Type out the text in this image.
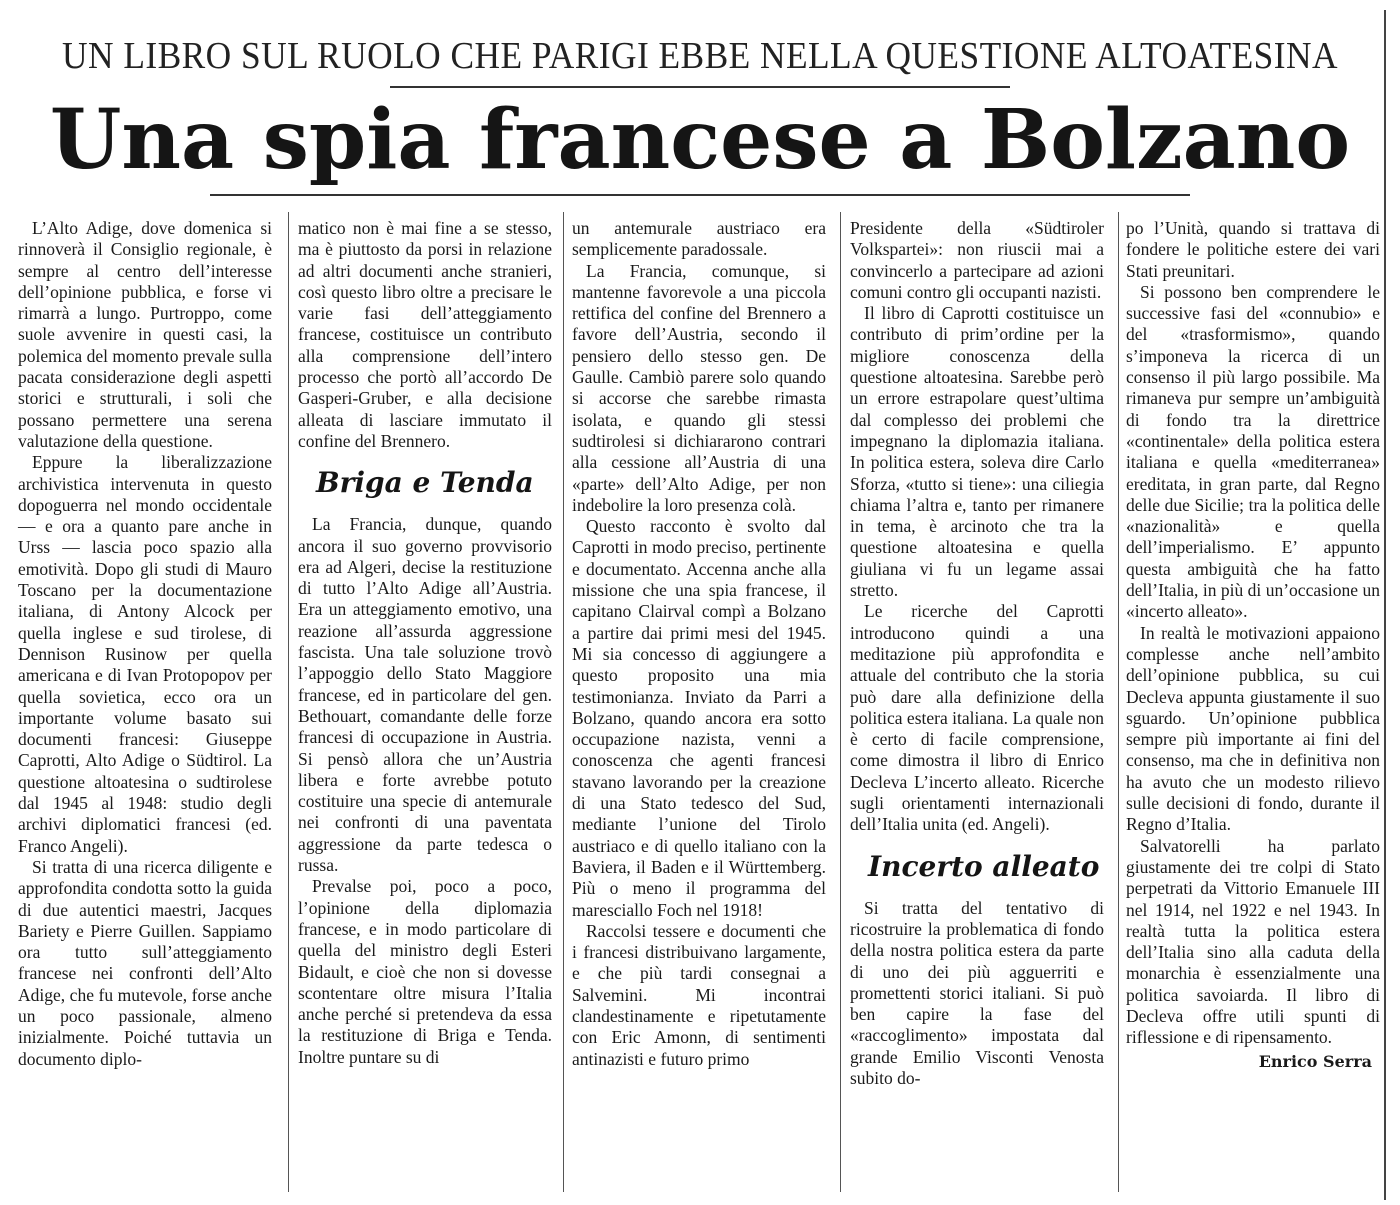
UN LIBRO SUL RUOLO CHE PARIGI EBBE NELLA QUESTIONE ALTOATESINA
Una spia francese a Bolzano

L’Alto Adige, dove domenica si rinnoverà il Consiglio regionale, è sempre al centro dell’interesse dell’opinione pubblica, e forse vi rimarrà a lungo. Purtroppo, come suole avvenire in questi casi, la polemica del momento prevale sulla pacata considerazione degli aspetti storici e strutturali, i soli che possano permettere una serena valutazione della questione.

Eppure la liberalizzazione archivistica intervenuta in questo dopoguerra nel mondo occidentale — e ora a quanto pare anche in Urss — lascia poco spazio alla emotività. Dopo gli studi di Mauro Toscano per la documentazione italiana, di Antony Alcock per quella inglese e sud tirolese, di Dennison Rusinow per quella americana e di Ivan Protopopov per quella sovietica, ecco ora un importante volume basato sui documenti francesi: Giuseppe Caprotti, Alto Adige o Südtirol. La questione altoatesina o sudtirolese dal 1945 al 1948: studio degli archivi diplomatici francesi (ed. Franco Angeli).

Si tratta di una ricerca diligente e approfondita condotta sotto la guida di due autentici maestri, Jacques Bariety e Pierre Guillen. Sappiamo ora tutto sull’atteggiamento francese nei confronti dell’Alto Adige, che fu mutevole, forse anche un poco passionale, almeno inizialmente. Poiché tuttavia un documento diplo-

matico non è mai fine a se stesso, ma è piuttosto da porsi in relazione ad altri documenti anche stranieri, così questo libro oltre a precisare le varie fasi dell’atteggiamento francese, costituisce un contributo alla comprensione dell’intero processo che portò all’accordo De Gasperi-Gruber, e alla decisione alleata di lasciare immutato il confine del Brennero.

Briga e Tenda

La Francia, dunque, quando ancora il suo governo provvisorio era ad Algeri, decise la restituzione di tutto l’Alto Adige all’Austria. Era un atteggiamento emotivo, una reazione all’assurda aggressione fascista. Una tale soluzione trovò l’appoggio dello Stato Maggiore francese, ed in particolare del gen. Bethouart, comandante delle forze francesi di occupazione in Austria. Si pensò allora che un’Austria libera e forte avrebbe potuto costituire una specie di antemurale nei confronti di una paventata aggressione da parte tedesca o russa.

Prevalse poi, poco a poco, l’opinione della diplomazia francese, e in modo particolare di quella del ministro degli Esteri Bidault, e cioè che non si dovesse scontentare oltre misura l’Italia anche perché si pretendeva da essa la restituzione di Briga e Tenda. Inoltre puntare su di

un antemurale austriaco era semplicemente paradossale.

La Francia, comunque, si mantenne favorevole a una piccola rettifica del confine del Brennero a favore dell’Austria, secondo il pensiero dello stesso gen. De Gaulle. Cambiò parere solo quando si accorse che sarebbe rimasta isolata, e quando gli stessi sudtirolesi si dichiararono contrari alla cessione all’Austria di una «parte» dell’Alto Adige, per non indebolire la loro presenza colà.

Questo racconto è svolto dal Caprotti in modo preciso, pertinente e documentato. Accenna anche alla missione che una spia francese, il capitano Clairval compì a Bolzano a partire dai primi mesi del 1945. Mi sia concesso di aggiungere a questo proposito una mia testimonianza. Inviato da Parri a Bolzano, quando ancora era sotto occupazione nazista, venni a conoscenza che agenti francesi stavano lavorando per la creazione di una Stato tedesco del Sud, mediante l’unione del Tirolo austriaco e di quello italiano con la Baviera, il Baden e il Württemberg. Più o meno il programma del maresciallo Foch nel 1918!

Raccolsi tessere e documenti che i francesi distribuivano largamente, e che più tardi consegnai a Salvemini. Mi incontrai clandestinamente e ripetutamente con Eric Amonn, di sentimenti antinazisti e futuro primo

Presidente della «Südtiroler Volkspartei»: non riuscii mai a convincerlo a partecipare ad azioni comuni contro gli occupanti nazisti.

Il libro di Caprotti costituisce un contributo di prim’ordine per la migliore conoscenza della questione altoatesina. Sarebbe però un errore estrapolare quest’ultima dal complesso dei problemi che impegnano la diplomazia italiana. In politica estera, soleva dire Carlo Sforza, «tutto si tiene»: una ciliegia chiama l’altra e, tanto per rimanere in tema, è arcinoto che tra la questione altoatesina e quella giuliana vi fu un legame assai stretto.

Le ricerche del Caprotti introducono quindi a una meditazione più approfondita e attuale del contributo che la storia può dare alla definizione della politica estera italiana. La quale non è certo di facile comprensione, come dimostra il libro di Enrico Decleva L’incerto alleato. Ricerche sugli orientamenti internazionali dell’Italia unita (ed. Angeli).

Incerto alleato

Si tratta del tentativo di ricostruire la problematica di fondo della nostra politica estera da parte di uno dei più agguerriti e promettenti storici italiani. Si può ben capire la fase del «raccoglimento» impostata dal grande Emilio Visconti Venosta subito do-

po l’Unità, quando si trattava di fondere le politiche estere dei vari Stati preunitari.

Si possono ben comprendere le successive fasi del «connubio» e del «trasformismo», quando s’imponeva la ricerca di un consenso il più largo possibile. Ma rimaneva pur sempre un’ambiguità di fondo tra la direttrice «continentale» della politica estera italiana e quella «mediterranea» ereditata, in gran parte, dal Regno delle due Sicilie; tra la politica delle «nazionalità» e quella dell’imperialismo. E’ appunto questa ambiguità che ha fatto dell’Italia, in più di un’occasione un «incerto alleato».

In realtà le motivazioni appaiono complesse anche nell’ambito dell’opinione pubblica, su cui Decleva appunta giustamente il suo sguardo. Un’opinione pubblica sempre più importante ai fini del consenso, ma che in definitiva non ha avuto che un modesto rilievo sulle decisioni di fondo, durante il Regno d’Italia.

Salvatorelli ha parlato giustamente dei tre colpi di Stato perpetrati da Vittorio Emanuele III nel 1914, nel 1922 e nel 1943. In realtà tutta la politica estera dell’Italia sino alla caduta della monarchia è essenzialmente una politica savoiarda. Il libro di Decleva offre utili spunti di riflessione e di ripensamento.

Enrico Serra
